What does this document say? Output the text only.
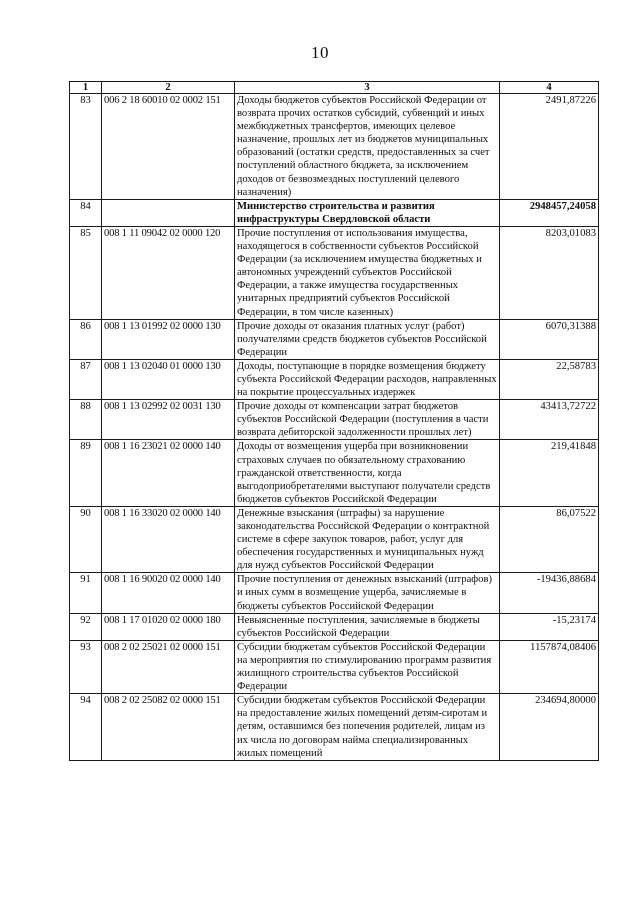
10
1	2	3	4
83	006 2 18 60010 02 0002 151	Доходы бюджетов субъектов Российской Федерации от возврата прочих остатков субсидий, субвенций и иных межбюджетных трансфертов, имеющих целевое назначение, прошлых лет из бюджетов муниципальных образований (остатки средств, предоставленных за счет поступлений областного бюджета, за исключением доходов от безвозмездных поступлений целевого назначения)	2491,87226
84		Министерство строительства и развития инфраструктуры Свердловской области	2948457,24058
85	008 1 11 09042 02 0000 120	Прочие поступления от использования имущества, находящегося в собственности субъектов Российской Федерации (за исключением имущества бюджетных и автономных учреждений субъектов Российской Федерации, а также имущества государственных унитарных предприятий субъектов Российской Федерации, в том числе казенных)	8203,01083
86	008 1 13 01992 02 0000 130	Прочие доходы от оказания платных услуг (работ) получателями средств бюджетов субъектов Российской Федерации	6070,31388
87	008 1 13 02040 01 0000 130	Доходы, поступающие в порядке возмещения бюджету субъекта Российской Федерации расходов, направленных на покрытие процессуальных издержек	22,58783
88	008 1 13 02992 02 0031 130	Прочие доходы от компенсации затрат бюджетов субъектов Российской Федерации (поступления в части возврата дебиторской задолженности прошлых лет)	43413,72722
89	008 1 16 23021 02 0000 140	Доходы от возмещения ущерба при возникновении страховых случаев по обязательному страхованию гражданской ответственности, когда выгодоприобретателями выступают получатели средств бюджетов субъектов Российской Федерации	219,41848
90	008 1 16 33020 02 0000 140	Денежные взыскания (штрафы) за нарушение законодательства Российской Федерации о контрактной системе в сфере закупок товаров, работ, услуг для обеспечения государственных и муниципальных нужд для нужд субъектов Российской Федерации	86,07522
91	008 1 16 90020 02 0000 140	Прочие поступления от денежных взысканий (штрафов) и иных сумм в возмещение ущерба, зачисляемые в бюджеты субъектов Российской Федерации	-19436,88684
92	008 1 17 01020 02 0000 180	Невыясненные поступления, зачисляемые в бюджеты субъектов Российской Федерации	-15,23174
93	008 2 02 25021 02 0000 151	Субсидии бюджетам субъектов Российской Федерации на мероприятия по стимулированию программ развития жилищного строительства субъектов Российской Федерации	1157874,08406
94	008 2 02 25082 02 0000 151	Субсидии бюджетам субъектов Российской Федерации на предоставление жилых помещений детям-сиротам и детям, оставшимся без попечения родителей, лицам из их числа по договорам найма специализированных жилых помещений	234694,80000
